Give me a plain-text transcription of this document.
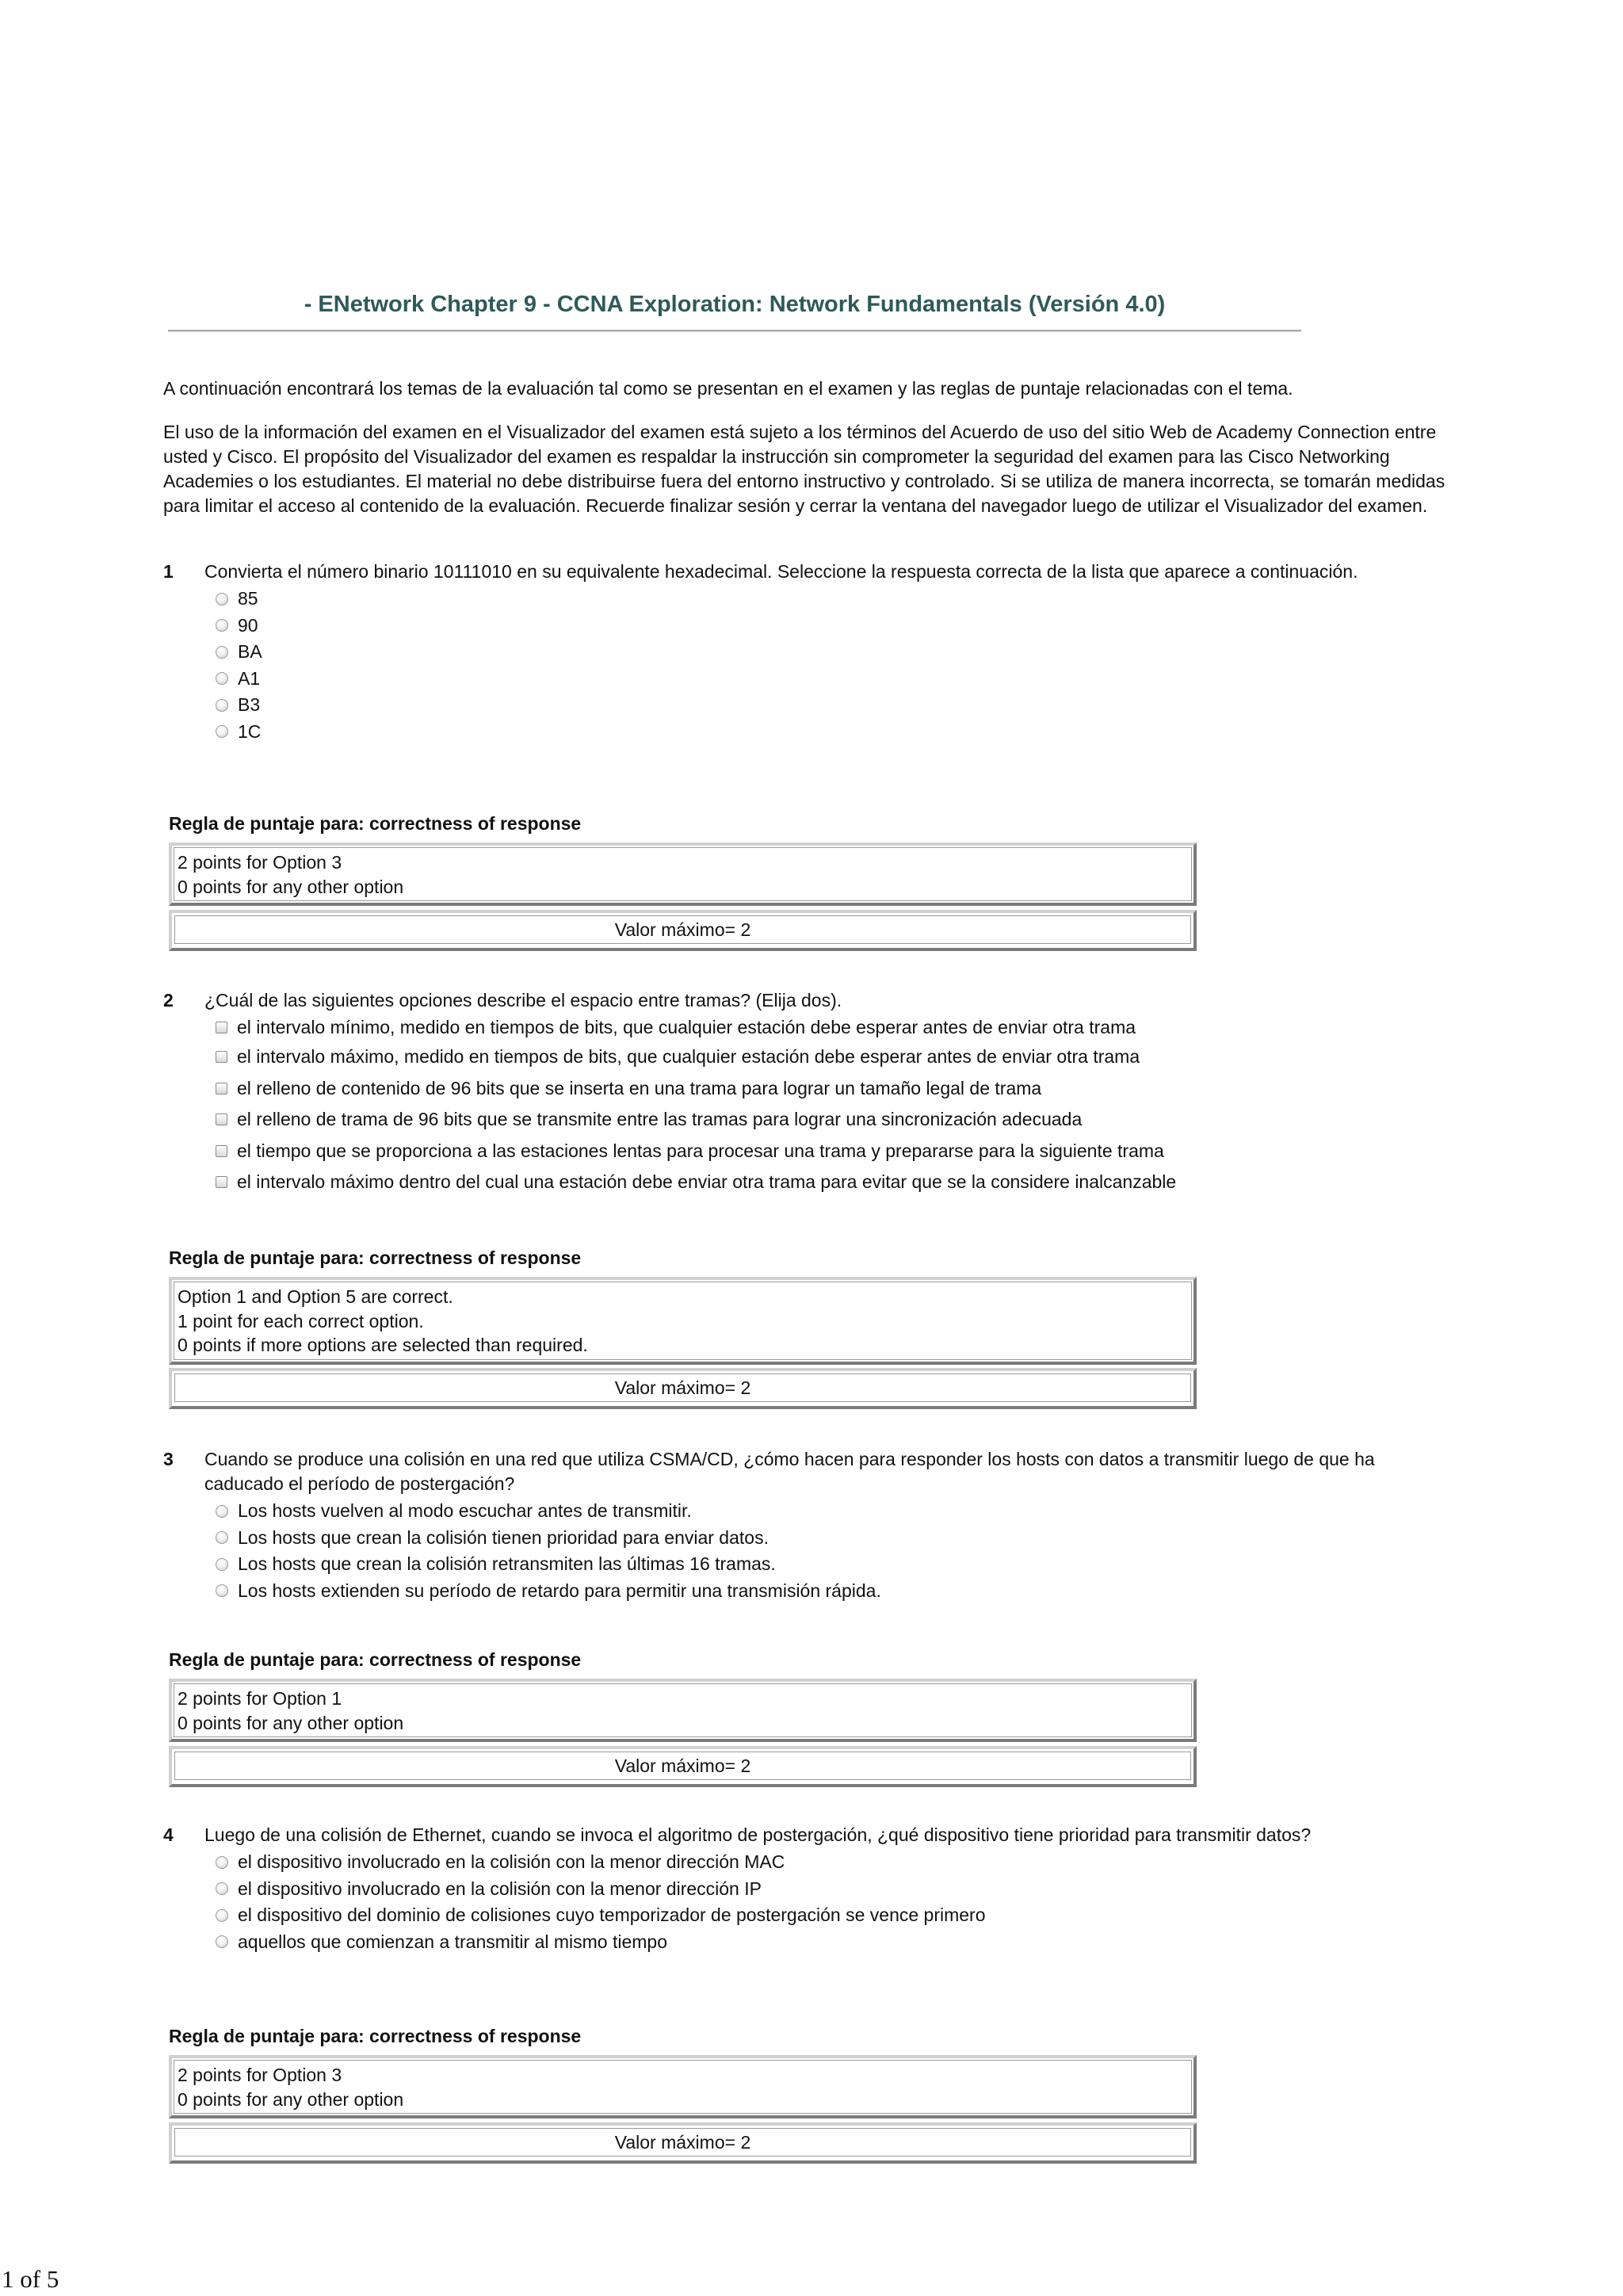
- ENetwork Chapter 9 - CCNA Exploration: Network Fundamentals (Versión 4.0)
A continuación encontrará los temas de la evaluación tal como se presentan en el examen y las reglas de puntaje relacionadas con el tema.
El uso de la información del examen en el Visualizador del examen está sujeto a los términos del Acuerdo de uso del sitio Web de Academy Connection entre usted y Cisco. El propósito del Visualizador del examen es respaldar la instrucción sin comprometer la seguridad del examen para las Cisco Networking Academies o los estudiantes. El material no debe distribuirse fuera del entorno instructivo y controlado. Si se utiliza de manera incorrecta, se tomarán medidas para limitar el acceso al contenido de la evaluación. Recuerde finalizar sesión y cerrar la ventana del navegador luego de utilizar el Visualizador del examen.
1 Convierta el número binario 10111010 en su equivalente hexadecimal. Seleccione la respuesta correcta de la lista que aparece a continuación.
85
90
BA
A1
B3
1C
Regla de puntaje para: correctness of response
2 points for Option 3
0 points for any other option
Valor máximo= 2
2 ¿Cuál de las siguientes opciones describe el espacio entre tramas? (Elija dos).
el intervalo mínimo, medido en tiempos de bits, que cualquier estación debe esperar antes de enviar otra trama
el intervalo máximo, medido en tiempos de bits, que cualquier estación debe esperar antes de enviar otra trama
el relleno de contenido de 96 bits que se inserta en una trama para lograr un tamaño legal de trama
el relleno de trama de 96 bits que se transmite entre las tramas para lograr una sincronización adecuada
el tiempo que se proporciona a las estaciones lentas para procesar una trama y prepararse para la siguiente trama
el intervalo máximo dentro del cual una estación debe enviar otra trama para evitar que se la considere inalcanzable
Regla de puntaje para: correctness of response
Option 1 and Option 5 are correct.
1 point for each correct option.
0 points if more options are selected than required.
Valor máximo= 2
3 Cuando se produce una colisión en una red que utiliza CSMA/CD, ¿cómo hacen para responder los hosts con datos a transmitir luego de que ha caducado el período de postergación?
Los hosts vuelven al modo escuchar antes de transmitir.
Los hosts que crean la colisión tienen prioridad para enviar datos.
Los hosts que crean la colisión retransmiten las últimas 16 tramas.
Los hosts extienden su período de retardo para permitir una transmisión rápida.
Regla de puntaje para: correctness of response
2 points for Option 1
0 points for any other option
Valor máximo= 2
4 Luego de una colisión de Ethernet, cuando se invoca el algoritmo de postergación, ¿qué dispositivo tiene prioridad para transmitir datos?
el dispositivo involucrado en la colisión con la menor dirección MAC
el dispositivo involucrado en la colisión con la menor dirección IP
el dispositivo del dominio de colisiones cuyo temporizador de postergación se vence primero
aquellos que comienzan a transmitir al mismo tiempo
Regla de puntaje para: correctness of response
2 points for Option 3
0 points for any other option
Valor máximo= 2
1 of 5
